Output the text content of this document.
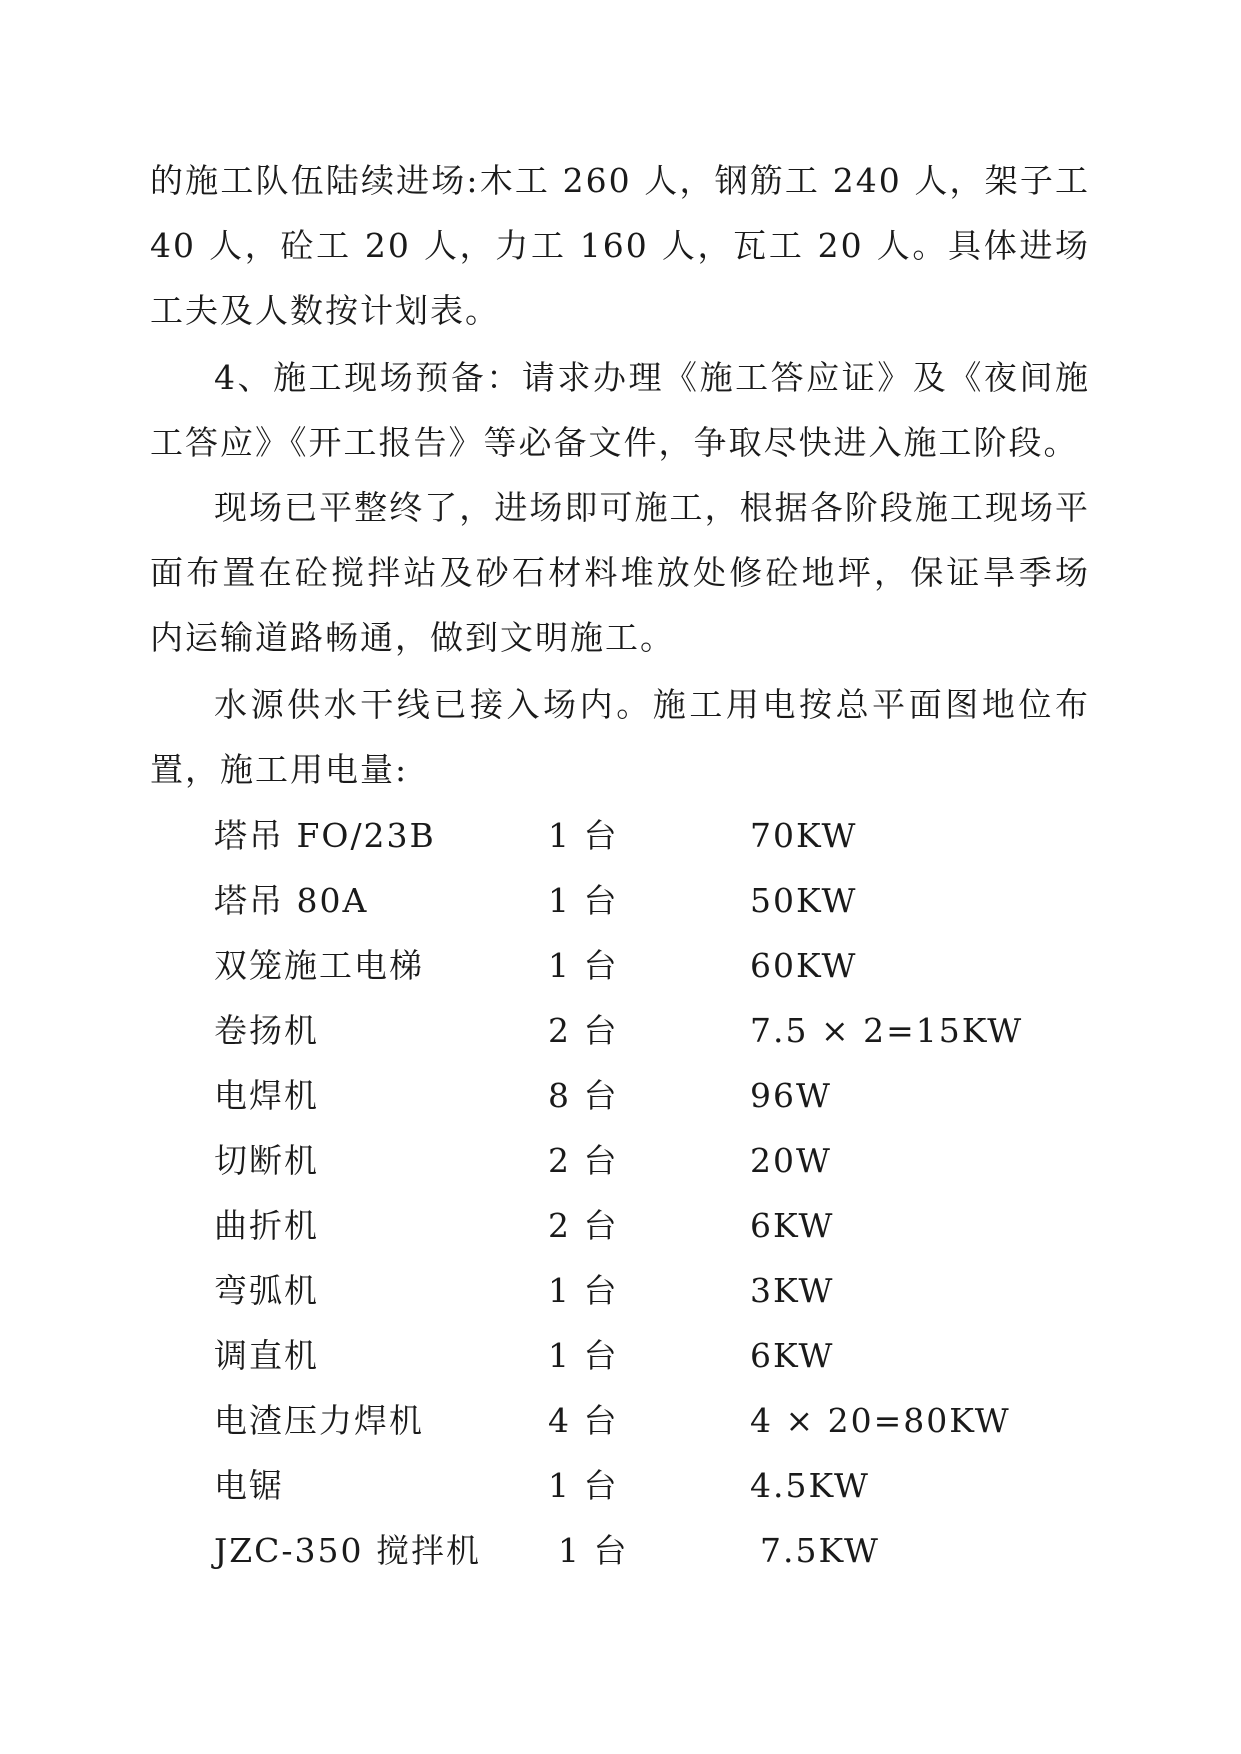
的施工队伍陆续进场:木工 260 人，钢筋工 240 人，架子工 40 人，砼工 20 人，力工 160 人，瓦工 20 人。具体进场工夫及人数按计划表。

4、施工现场预备：请求办理《施工答应证》及《夜间施工答应》《开工报告》等必备文件，争取尽快进入施工阶段。

现场已平整终了，进场即可施工，根据各阶段施工现场平面布置在砼搅拌站及砂石材料堆放处修砼地坪，保证旱季场内运输道路畅通，做到文明施工。

水源供水干线已接入场内。施工用电按总平面图地位布置，施工用电量:

塔吊 FO/23B	1 台	70KW
塔吊 80A	1 台	50KW
双笼施工电梯	1 台	60KW
卷扬机	2 台	7.5 × 2=15KW
电焊机	8 台	96W
切断机	2 台	20W
曲折机	2 台	6KW
弯弧机	1 台	3KW
调直机	1 台	6KW
电渣压力焊机	4 台	4 × 20=80KW
电锯	1 台	4.5KW
JZC-350 搅拌机 1 台	7.5KW
